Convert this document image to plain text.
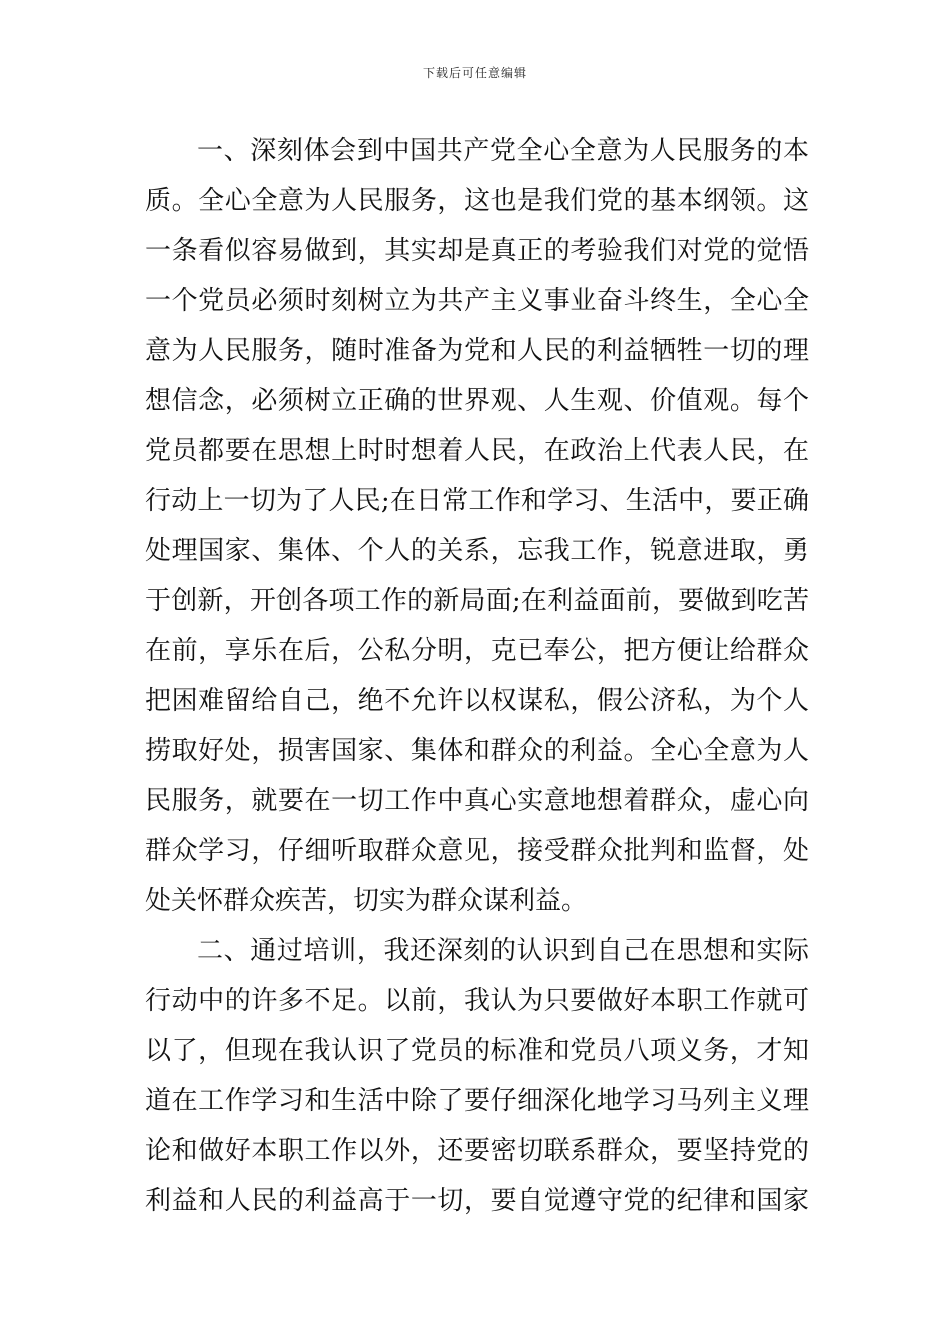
下载后可任意编辑
一、深刻体会到中国共产党全心全意为人民服务的本
质。全心全意为人民服务，这也是我们党的基本纲领。这
一条看似容易做到，其实却是真正的考验我们对党的觉悟
一个党员必须时刻树立为共产主义事业奋斗终生，全心全
意为人民服务，随时准备为党和人民的利益牺牲一切的理
想信念，必须树立正确的世界观、人生观、价值观。每个
党员都要在思想上时时想着人民，在政治上代表人民，在
行动上一切为了人民;在日常工作和学习、生活中，要正确
处理国家、集体、个人的关系，忘我工作，锐意进取，勇
于创新，开创各项工作的新局面;在利益面前，要做到吃苦
在前，享乐在后，公私分明，克已奉公，把方便让给群众
把困难留给自己，绝不允许以权谋私，假公济私，为个人
捞取好处，损害国家、集体和群众的利益。全心全意为人
民服务，就要在一切工作中真心实意地想着群众，虚心向
群众学习，仔细听取群众意见，接受群众批判和监督，处
处关怀群众疾苦，切实为群众谋利益。
二、通过培训，我还深刻的认识到自己在思想和实际
行动中的许多不足。以前，我认为只要做好本职工作就可
以了，但现在我认识了党员的标准和党员八项义务，才知
道在工作学习和生活中除了要仔细深化地学习马列主义理
论和做好本职工作以外，还要密切联系群众，要坚持党的
利益和人民的利益高于一切，要自觉遵守党的纪律和国家
